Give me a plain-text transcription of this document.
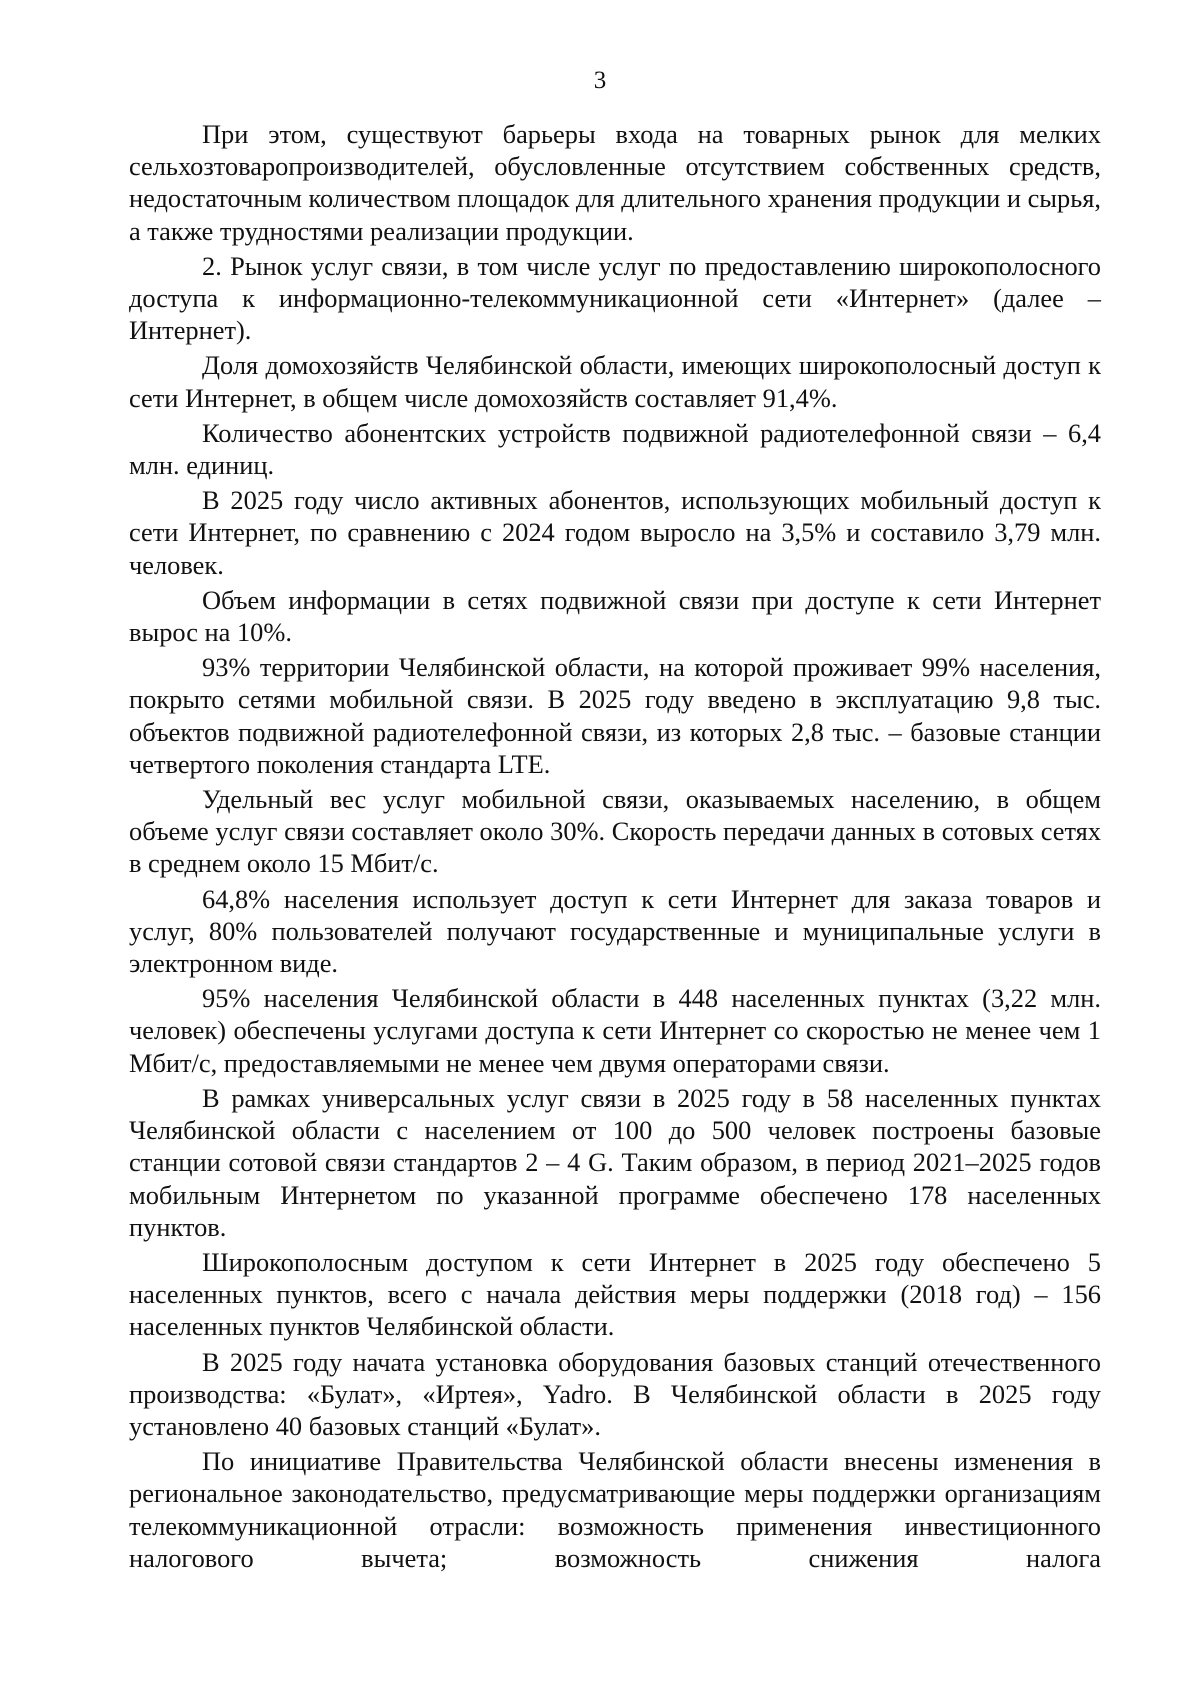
3

При этом, существуют барьеры входа на товарных рынок для мелких сельхозтоваропроизводителей, обусловленные отсутствием собственных средств, недостаточным количеством площадок для длительного хранения продукции и сырья, а также трудностями реализации продукции.

2. Рынок услуг связи, в том числе услуг по предоставлению широкополосного доступа к информационно-телекоммуникационной сети «Интернет» (далее – Интернет).

Доля домохозяйств Челябинской области, имеющих широкополосный доступ к сети Интернет, в общем числе домохозяйств составляет 91,4%.

Количество абонентских устройств подвижной радиотелефонной связи – 6,4 млн. единиц.

В 2025 году число активных абонентов, использующих мобильный доступ к сети Интернет, по сравнению с 2024 годом выросло на 3,5% и составило 3,79 млн. человек.

Объем информации в сетях подвижной связи при доступе к сети Интернет вырос на 10%.

93% территории Челябинской области, на которой проживает 99% населения, покрыто сетями мобильной связи. В 2025 году введено в эксплуатацию 9,8 тыс. объектов подвижной радиотелефонной связи, из которых 2,8 тыс. – базовые станции четвертого поколения стандарта LTE.

Удельный вес услуг мобильной связи, оказываемых населению, в общем объеме услуг связи составляет около 30%. Скорость передачи данных в сотовых сетях в среднем около 15 Мбит/с.

64,8% населения использует доступ к сети Интернет для заказа товаров и услуг, 80% пользователей получают государственные и муниципальные услуги в электронном виде.

95% населения Челябинской области в 448 населенных пунктах (3,22 млн. человек) обеспечены услугами доступа к сети Интернет со скоростью не менее чем 1 Мбит/с, предоставляемыми не менее чем двумя операторами связи.

В рамках универсальных услуг связи в 2025 году в 58 населенных пунктах Челябинской области с населением от 100 до 500 человек построены базовые станции сотовой связи стандартов 2 – 4 G. Таким образом, в период 2021–2025 годов мобильным Интернетом по указанной программе обеспечено 178 населенных пунктов.

Широкополосным доступом к сети Интернет в 2025 году обеспечено 5 населенных пунктов, всего с начала действия меры поддержки (2018 год) – 156 населенных пунктов Челябинской области.

В 2025 году начата установка оборудования базовых станций отечественного производства: «Булат», «Иртея», Yadro. В Челябинской области в 2025 году установлено 40 базовых станций «Булат».

По инициативе Правительства Челябинской области внесены изменения в региональное законодательство, предусматривающие меры поддержки организациям телекоммуникационной отрасли: возможность применения инвестиционного налогового вычета; возможность снижения налога
